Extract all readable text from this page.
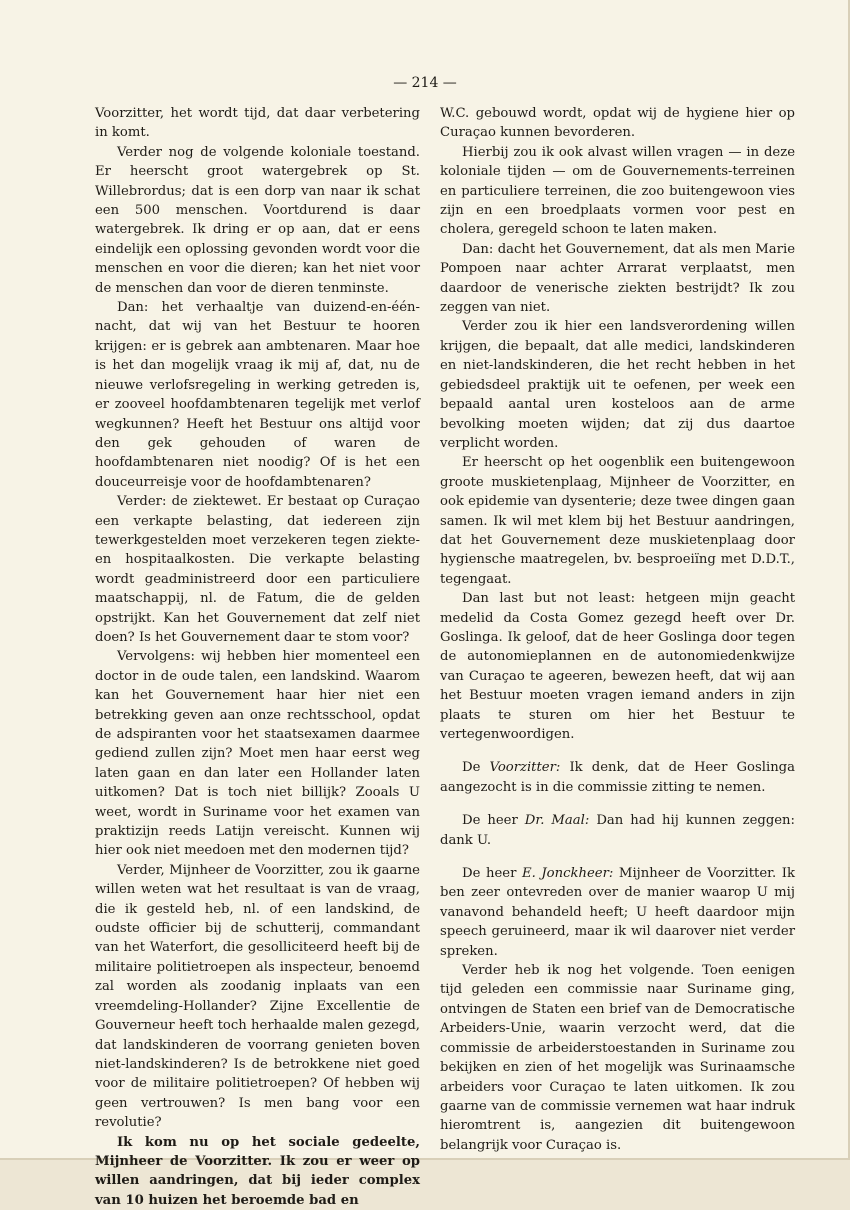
— 214 —

Voorzitter, het wordt tijd, dat daar verbetering in komt.

Verder nog de volgende koloniale toestand. Er heerscht groot watergebrek op St. Willebrordus; dat is een dorp van naar ik schat een 500 menschen. Voortdurend is daar watergebrek. Ik dring er op aan, dat er eens eindelijk een oplossing gevonden wordt voor die menschen en voor die dieren; kan het niet voor de menschen dan voor de dieren tenminste.

Dan: het verhaaltje van duizend-en-één-nacht, dat wij van het Bestuur te hooren krijgen: er is gebrek aan ambtenaren. Maar hoe is het dan mogelijk vraag ik mij af, dat, nu de nieuwe verlofsregeling in werking getreden is, er zooveel hoofdambtenaren tegelijk met verlof wegkunnen? Heeft het Bestuur ons altijd voor den gek gehouden of waren de hoofdambtenaren niet noodig? Of is het een douceurreisje voor de hoofdambtenaren?

Verder: de ziektewet. Er bestaat op Curaçao een verkapte belasting, dat iedereen zijn tewerkgestelden moet verzekeren tegen ziekte- en hospitaalkosten. Die verkapte belasting wordt geadministreerd door een particuliere maatschappij, nl. de Fatum, die de gelden opstrijkt. Kan het Gouvernement dat zelf niet doen? Is het Gouvernement daar te stom voor?

Vervolgens: wij hebben hier momenteel een doctor in de oude talen, een landskind. Waarom kan het Gouvernement haar hier niet een betrekking geven aan onze rechtsschool, opdat de adspiranten voor het staatsexamen daarmee gediend zullen zijn? Moet men haar eerst weg laten gaan en dan later een Hollander laten uitkomen? Dat is toch niet billijk? Zooals U weet, wordt in Suriname voor het examen van praktizijn reeds Latijn vereischt. Kunnen wij hier ook niet meedoen met den modernen tijd?

Verder, Mijnheer de Voorzitter, zou ik gaarne willen weten wat het resultaat is van de vraag, die ik gesteld heb, nl. of een landskind, de oudste officier bij de schutterij, commandant van het Waterfort, die gesolliciteerd heeft bij de militaire politietroepen als inspecteur, benoemd zal worden als zoodanig inplaats van een vreemdeling-Hollander? Zijne Excellentie de Gouverneur heeft toch herhaalde malen gezegd, dat landskinderen de voorrang genieten boven niet-landskinderen? Is de betrokkene niet goed voor de militaire politietroepen? Of hebben wij geen vertrouwen? Is men bang voor een revolutie?

Ik kom nu op het sociale gedeelte, Mijnheer de Voorzitter. Ik zou er weer op willen aandringen, dat bij ieder complex van 10 huizen het beroemde bad en

W.C. gebouwd wordt, opdat wij de hygiene hier op Curaçao kunnen bevorderen.

Hierbij zou ik ook alvast willen vragen — in deze koloniale tijden — om de Gouvernements-terreinen en particuliere terreinen, die zoo buitengewoon vies zijn en een broedplaats vormen voor pest en cholera, geregeld schoon te laten maken.

Dan: dacht het Gouvernement, dat als men Marie Pompoen naar achter Arrarat verplaatst, men daardoor de venerische ziekten bestrijdt? Ik zou zeggen van niet.

Verder zou ik hier een landsverordening willen krijgen, die bepaalt, dat alle medici, landskinderen en niet-landskinderen, die het recht hebben in het gebiedsdeel praktijk uit te oefenen, per week een bepaald aantal uren kosteloos aan de arme bevolking moeten wijden; dat zij dus daartoe verplicht worden.

Er heerscht op het oogenblik een buitengewoon groote muskietenplaag, Mijnheer de Voorzitter, en ook epidemie van dysenterie; deze twee dingen gaan samen. Ik wil met klem bij het Bestuur aandringen, dat het Gouvernement deze muskietenplaag door hygiensche maatregelen, bv. besproeiïng met D.D.T., tegengaat.

Dan last but not least: hetgeen mijn geacht medelid da Costa Gomez gezegd heeft over Dr. Goslinga. Ik geloof, dat de heer Goslinga door tegen de autonomieplannen en de autonomiedenkwijze van Curaçao te ageeren, bewezen heeft, dat wij aan het Bestuur moeten vragen iemand anders in zijn plaats te sturen om hier het Bestuur te vertegenwoordigen.

De Voorzitter: Ik denk, dat de Heer Goslinga aangezocht is in die commissie zitting te nemen.

De heer Dr. Maal: Dan had hij kunnen zeggen: dank U.

De heer E. Jonckheer: Mijnheer de Voorzitter. Ik ben zeer ontevreden over de manier waarop U mij vanavond behandeld heeft; U heeft daardoor mijn speech geruineerd, maar ik wil daarover niet verder spreken.

Verder heb ik nog het volgende. Toen eenigen tijd geleden een commissie naar Suriname ging, ontvingen de Staten een brief van de Democratische Arbeiders-Unie, waarin verzocht werd, dat die commissie de arbeiderstoestanden in Suriname zou bekijken en zien of het mogelijk was Surinaamsche arbeiders voor Curaçao te laten uitkomen. Ik zou gaarne van de commissie vernemen wat haar indruk hieromtrent is, aangezien dit buitengewoon belangrijk voor Curaçao is.
